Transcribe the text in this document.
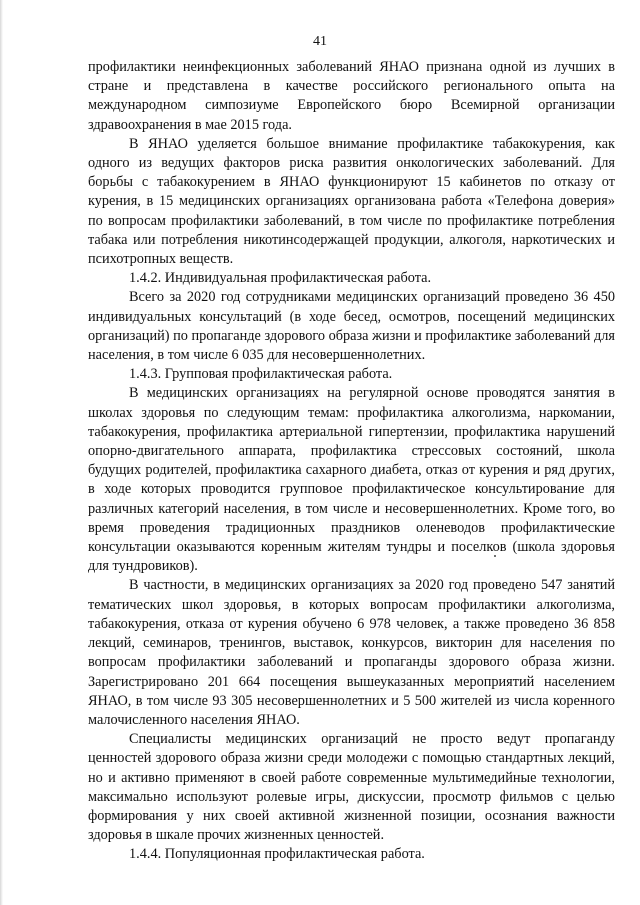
41

профилактики неинфекционных заболеваний ЯНАО признана одной из лучших в стране и представлена в качестве российского регионального опыта на международном симпозиуме Европейского бюро Всемирной организации здравоохранения в мае 2015 года.

В ЯНАО уделяется большое внимание профилактике табакокурения, как одного из ведущих факторов риска развития онкологических заболеваний. Для борьбы с табакокурением в ЯНАО функционируют 15 кабинетов по отказу от курения, в 15 медицинских организациях организована работа «Телефона доверия» по вопросам профилактики заболеваний, в том числе по профилактике потребления табака или потребления никотинсодержащей продукции, алкоголя, наркотических и психотропных веществ.

1.4.2. Индивидуальная профилактическая работа.

Всего за 2020 год сотрудниками медицинских организаций проведено 36 450 индивидуальных консультаций (в ходе бесед, осмотров, посещений медицинских организаций) по пропаганде здорового образа жизни и профилактике заболеваний для населения, в том числе 6 035 для несовершеннолетних.

1.4.3. Групповая профилактическая работа.

В медицинских организациях на регулярной основе проводятся занятия в школах здоровья по следующим темам: профилактика алкоголизма, наркомании, табакокурения, профилактика артериальной гипертензии, профилактика нарушений опорно-двигательного аппарата, профилактика стрессовых состояний, школа будущих родителей, профилактика сахарного диабета, отказ от курения и ряд других, в ходе которых проводится групповое профилактическое консультирование для различных категорий населения, в том числе и несовершеннолетних. Кроме того, во время проведения традиционных праздников оленеводов профилактические консультации оказываются коренным жителям тундры и поселков (школа здоровья для тундровиков).

В частности, в медицинских организациях за 2020 год проведено 547 занятий тематических школ здоровья, в которых вопросам профилактики алкоголизма, табакокурения, отказа от курения обучено 6 978 человек, а также проведено 36 858 лекций, семинаров, тренингов, выставок, конкурсов, викторин для населения по вопросам профилактики заболеваний и пропаганды здорового образа жизни. Зарегистрировано 201 664 посещения вышеуказанных мероприятий населением ЯНАО, в том числе 93 305 несовершеннолетних и 5 500 жителей из числа коренного малочисленного населения ЯНАО.

Специалисты медицинских организаций не просто ведут пропаганду ценностей здорового образа жизни среди молодежи с помощью стандартных лекций, но и активно применяют в своей работе современные мультимедийные технологии, максимально используют ролевые игры, дискуссии, просмотр фильмов с целью формирования у них своей активной жизненной позиции, осознания важности здоровья в шкале прочих жизненных ценностей.

1.4.4. Популяционная профилактическая работа.
